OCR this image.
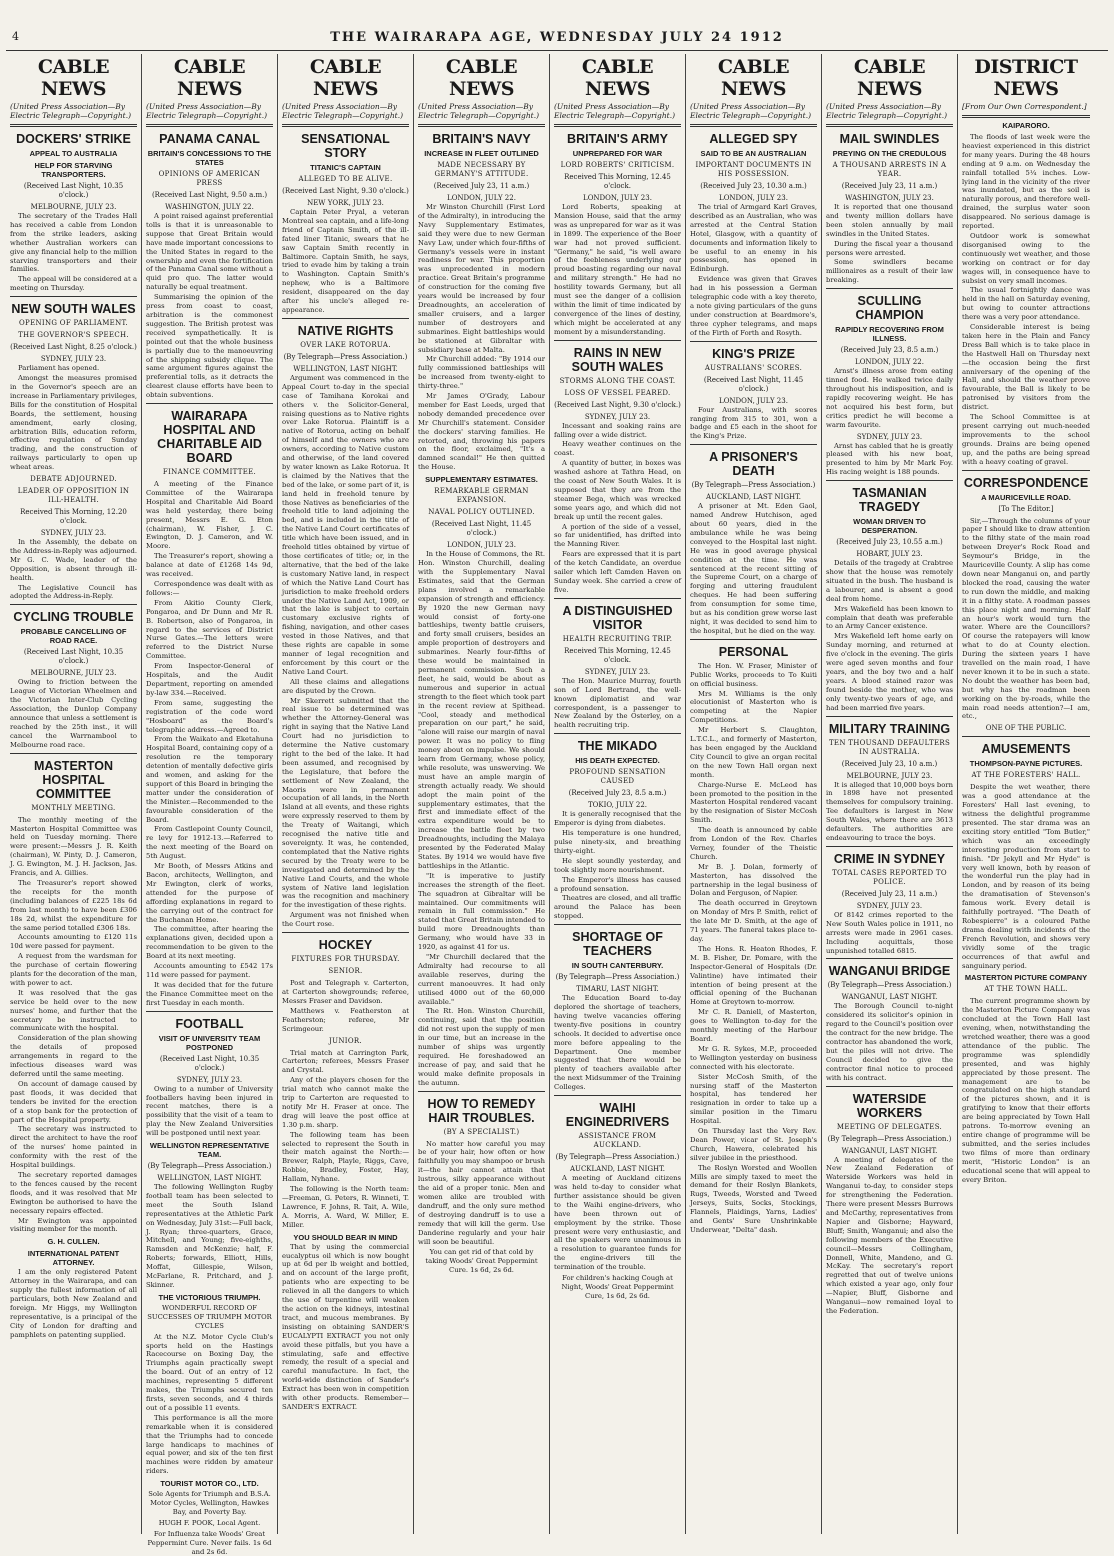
THE WAIRARAPA AGE, WEDNESDAY JULY 24 1912
4
CABLE NEWS
(United Press Association—By Electric Telegraph—Copyright.)
DOCKERS' STRIKE
APPEAL TO AUSTRALIA
HELP FOR STARVING TRANSPORTERS.
(Received Last Night, 10.35 o'clock.)
MELBOURNE, JULY 23.
The secretary of the Trades Hall has received a cable from London from the strike leaders, asking whether Australian workers can give any financial help to the million starving transporters and their families.
The appeal will be considered at a meeting on Thursday.
NEW SOUTH WALES
OPENING OF PARLIAMENT.
THE GOVERNOR'S SPEECH.
(Received Last Night, 8.25 o'clock.)
SYDNEY, JULY 23.
Parliament has opened.
Amongst the measures promised in the Governor's speech are an increase in Parliamentary privileges, Bills for the constitution of Hospital Boards, the settlement, housing amendment, early closing, arbitration Bills, education reform, effective regulation of Sunday trading, and the construction of railways particularly to open up wheat areas.
DEBATE ADJOURNED.
LEADER OF OPPOSITION IN ILL-HEALTH.
Received This Morning, 12.20 o'clock.
SYDNEY, JULY 23.
In the Assembly, the debate on the Address-in-Reply was adjourned. Mr G. C. Wade, leader of the Opposition, is absent through ill-health.
The Legislative Council has adopted the Address-in-Reply.
CYCLING TROUBLE
PROBABLE CANCELLING OF ROAD RACE.
(Received Last Night, 10.35 o'clock.)
MELBOURNE, JULY 23.
Owing to friction between the League of Victorian Wheelmen and the Victorian Inter-Club Cycling Association, the Dunlop Company announce that unless a settlement is reached by the 25th inst., it will cancel the Warrnambool to Melbourne road race.
MASTERTON HOSPITAL COMMITTEE
MONTHLY MEETING.
The monthly meeting of the Masterton Hospital Committee was held on Tuesday morning. There were present:—Messrs J. R. Keith (chairman), W. Pinty, D. J. Cameron, J. G. Ewington, M. J. H. Jackson, Jas. Francis, and A. Gillies.
The Treasurer's report showed the receipts for the month (including balances of £225 18s 6d from last month) to have been £306 18s 2d, whilst the expenditure for the same period totalled £306 18s.
Accounts amounting to £120 11s 10d were passed for payment.
A request from the wardsman for the purchase of certain flowering plants for the decoration of the man, with power to act.
It was resolved that the gas service be held over to the new nurses' home, and further that the secretary be instructed to communicate with the hospital.
Consideration of the plan showing the details of proposed arrangements in regard to the infectious diseases ward was deferred until the same meeting.
On account of damage caused by past floods, it was decided that tenders be invited for the erection of a stop bank for the protection of part of the Hospital property.
The secretary was instructed to direct the architect to have the roof of the nurses' home painted in conformity with the rest of the Hospital buildings.
The secretary reported damages to the fences caused by the recent floods, and it was resolved that Mr Ewington be authorised to have the necessary repairs effected.
Mr Ewington was appointed visiting member for the month.
G. H. CULLEN.
INTERNATIONAL PATENT ATTORNEY.
I am the only registered Patent Attorney in the Wairarapa, and can supply the fullest information of all particulars, both New Zealand and foreign. Mr Higgs, my Wellington representative, is a principal of the City of London for drafting and pamphlets on patenting supplied.
CABLE NEWS
(United Press Association—By Electric Telegraph—Copyright.)
PANAMA CANAL
BRITAIN'S CONCESSIONS TO THE STATES
OPINIONS OF AMERICAN PRESS
(Received Last Night, 9.50 a.m.)
WASHINGTON, JULY 22.
A point raised against preferential tolls is that it is unreasonable to suppose that Great Britain would have made important concessions to the United States in regard to the ownership and even the fortification of the Panama Canal some without a quid pro quo. The latter would naturally be equal treatment.
Summarising the opinion of the press from coast to coast, arbitration is the commonest suggestion. The British protest was received sympathetically. It is pointed out that the whole business is partially due to the manoeuvring of the shipping subsidy clique. The same argument figures against the preferential tolls, as it detracts the clearest clause efforts have been to obtain subventions.
WAIRARAPA HOSPITAL AND CHARITABLE AID BOARD
FINANCE COMMITTEE.
A meeting of the Finance Committee of the Wairarapa Hospital and Charitable Aid Board was held yesterday, there being present, Messrs E. G. Eton (chairman), W. Fisher, J. C. Ewington, D. J. Cameron, and W. Moore.
The Treasurer's report, showing a balance at date of £1268 14s 9d, was received.
Correspondence was dealt with as follows:—
From Akitio County Clerk, Pongaroa, and Dr Dunn and Mr R. B. Robertson, also of Pongaroa, in regard to the services of District Nurse Gates.—The letters were referred to the District Nurse Committee.
From Inspector-General of Hospitals, and the Audit Department, reporting on amended by-law 334.—Received.
From same, suggesting the registration of the code word "Hosboard" as the Board's telegraphic address.—Agreed to.
From the Waikato and Eketahuna Hospital Board, containing copy of a resolution re the temporary detention of mentally defective girls and women, and asking for the support of this Board in bringing the matter under the consideration of the Minister.—Recommended to the favourable consideration of the Board.
From Castlepoint County Council, re levy for 1912-13.—Referred to the next meeting of the Board on 5th August.
Mr Booth, of Messrs Atkins and Bacon, architects, Wellington, and Mr Ewington, clerk of works, attended for the purpose of affording explanations in regard to the carrying out of the contract for the Buchanan Home.
The committee, after hearing the explanations given, decided upon a recommendation to be given to the Board at its next meeting.
Accounts amounting to £542 17s 11d were passed for payment.
It was decided that for the future the Finance Committee meet on the first Tuesday in each month.
FOOTBALL
VISIT OF UNIVERSITY TEAM POSTPONED
(Received Last Night, 10.35 o'clock.)
SYDNEY, JULY 23.
Owing to a number of University footballers having been injured in recent matches, there is a possibility that the visit of a team to play the New Zealand Universities will be postponed until next year.
WELLINGTON REPRESENTATIVE TEAM.
(By Telegraph—Press Association.)
WELLINGTON, LAST NIGHT.
The following Wellington Rugby football team has been selected to meet the South Island representatives at the Athletic Park on Wednesday, July 31st:—Full back, J. Ryan; three-quarters, Grace, Mitchell, and Young; five-eighths, Ramsden and McKenzie; half, F. Roberts; forwards, Elliott, Hills, Moffat, Gillespie, Wilson, McFarlane, R. Pritchard, and J. Skinner.
THE VICTORIOUS TRIUMPH.
WONDERFUL RECORD OF SUCCESSES OF TRIUMPH MOTOR CYCLES
At the N.Z. Motor Cycle Club's sports held on the Hastings Racecourse on Boxing Day, the Triumphs again practically swept the board. Out of an entry of 12 machines, representing 5 different makes, the Triumphs secured ten firsts, seven seconds, and 4 thirds out of a possible 11 events.
This performance is all the more remarkable when it is considered that the Triumphs had to concede large handicaps to machines of equal power, and six of the ten first machines were ridden by amateur riders.
TOURIST MOTOR CO., LTD.
Sole Agents for Triumph and B.S.A. Motor Cycles, Wellington, Hawkes Bay, and Poverty Bay.
HUGH F. POOK, Local Agent.
For Influenza take Woods' Great Peppermint Cure. Never fails. 1s 6d and 2s 6d.
CABLE NEWS
(United Press Association—By Electric Telegraph—Copyright.)
SENSATIONAL STORY
TITANIC'S CAPTAIN
ALLEGED TO BE ALIVE.
(Received Last Night, 9.30 o'clock.)
NEW YORK, JULY 23.
Captain Peter Pryal, a veteran Montreal sea captain, and a life-long friend of Captain Smith, of the ill-fated liner Titanic, swears that he saw Captain Smith recently in Baltimore. Captain Smith, he says, tried to evade him by taking a train to Washington. Captain Smith's nephew, who is a Baltimore resident, disappeared on the day after his uncle's alleged re-appearance.
NATIVE RIGHTS
OVER LAKE ROTORUA.
(By Telegraph—Press Association.)
WELLINGTON, LAST NIGHT.
Argument was commenced in the Appeal Court to-day in the special case of Tamihana Korokai and others v. the Solicitor-General, raising questions as to Native rights over Lake Rotorua. Plaintiff is a native of Rotorua, acting on behalf of himself and the owners who are owners, according to Native custom and otherwise, of the land covered by water known as Lake Rotorua. It is claimed by the Natives that the bed of the lake, or some part of it, is land held in freehold tenure by those Natives as beneficiaries of the freehold title to land adjoining the bed, and is included in the title of the Native Land Court certificates of title which have been issued, and in freehold titles obtained by virtue of those certificates of title; or, in the alternative, that the bed of the lake is customary Native land, in respect of which the Native Land Court has jurisdiction to make freehold orders under the Native Land Act, 1909, or that the lake is subject to certain customary exclusive rights of fishing, navigation, and other cases vested in those Natives, and that these rights are capable in some manner of legal recognition and enforcement by this court or the Native Land Court.
All these claims and allegations are disputed by the Crown.
Mr Skerrett submitted that the real issue to be determined was whether the Attorney-General was right in saying that the Native Land Court had no jurisdiction to determine the Native customary right to the bed of the lake. It had been assumed, and recognised by the Legislature, that before the settlement of New Zealand, the Maoris were in permanent occupation of all lands, in the North Island at all events, and these rights were expressly reserved to them by the Treaty of Waitangi, which recognised the native title and sovereignty. It was, he contended, contemplated that the Native rights secured by the Treaty were to be investigated and determined by the Native Land Courts, and the whole system of Native land legislation was the recognition and machinery for the investigation of these rights.
Argument was not finished when the Court rose.
HOCKEY
FIXTURES FOR THURSDAY.
SENIOR.
Post and Telegraph v. Carterton, at Carterton showgrounds; referee, Messrs Fraser and Davidson.
Matthews v. Featherston at Featherston; referee, Mr Scrimgeour.
JUNIOR.
Trial match at Carrington Park, Carterton; referees, Messrs Fraser and Crystal.
Any of the players chosen for the trial match who cannot make the trip to Carterton are requested to notify Mr H. Fraser at once. The drag will leave the post office at 1.30 p.m. sharp.
The following team has been selected to represent the South in their match against the North:—Brewer, Ralph, Playle, Riggs, Cave, Robbie, Bradley, Foster, Hay, Hallam, Nyhane.
The following is the North team:—Freeman, G. Peters, R. Winneti, T. Lawrence, F. Johns, R. Tait, A. Wile, A. Morris, A. Ward, W. Miller, E. Miller.
YOU SHOULD BEAR IN MIND
That by using the commercial eucalyptus oil which is now bought up at 6d per lb weight and bottled, and on account of the large profit, patients who are expecting to be relieved in all the dangers to which the use of turpentine will weaken the action on the kidneys, intestinal tract, and mucous membranes. By insisting on obtaining SANDER'S EUCALYPTI EXTRACT you not only avoid these pitfalls, but you have a stimulating, safe and effective remedy, the result of a special and careful manufacture. In fact, the world-wide distinction of Sander's Extract has been won in competition with other products. Remember—SANDER'S EXTRACT.
CABLE NEWS
(United Press Association—By Electric Telegraph—Copyright.)
BRITAIN'S NAVY
INCREASE IN FLEET OUTLINED
MADE NECESSARY BY GERMANY'S ATTITUDE.
(Received July 23, 11 a.m.)
LONDON, JULY 22.
Mr Winston Churchill (First Lord of the Admiralty), in introducing the Navy Supplementary Estimates, said they were due to new German Navy Law, under which four-fifths of Germany's vessels were in instant readiness for war. This proportion was unprecedented in modern practice. Great Britain's programme of construction for the coming five years would be increased by four Dreadnoughts, an acceleration of smaller cruisers, and a larger number of destroyers and submarines. Eight battleships would be stationed at Gibraltar with subsidiary base at Malta.
Mr Churchill added: "By 1914 our fully commissioned battleships will be increased from twenty-eight to thirty-three."
Mr James O'Grady, Labour member for East Leeds, urged that nobody demanded precedence over Mr Churchill's statement. Consider the dockers' starving families. He retorted, and, throwing his papers on the floor, exclaimed, "It's a damned scandal!" He then quitted the House.
SUPPLEMENTARY ESTIMATES.
REMARKABLE GERMAN EXPANSION.
NAVAL POLICY OUTLINED.
(Received Last Night, 11.45 o'clock.)
LONDON, JULY 23.
In the House of Commons, the Rt. Hon. Winston Churchill, dealing with the Supplementary Naval Estimates, said that the German plans involved a remarkable expansion of strength and efficiency. By 1920 the new German navy would consist of forty-one battleships, twenty battle cruisers, and forty small cruisers, besides an ample proportion of destroyers and submarines. Nearly four-fifths of these would be maintained in permanent commission. Such a fleet, he said, would be about as numerous and superior in actual strength to the fleet which took part in the recent review at Spithead. "Cool, steady and methodical preparation on our part," he said, "alone will raise our margin of naval power. It was no policy to fling money about on impulse. We should learn from Germany, whose policy, while resolute, was unswerving. We must have an ample margin of strength actually ready. We should adopt the main point of the supplementary estimates, that the first and immediate effect of the extra expenditure would be to increase the battle fleet by two Dreadnoughts, including the Malaya presented by the Federated Malay States. By 1914 we would have five battleships in the Atlantic.
"It is imperative to justify increases the strength of the fleet. The squadron at Gibraltar will be maintained. Our commitments will remain in full commission." He stated that Great Britain intended to build more Dreadnoughts than Germany, who would have 33 in 1920, as against 41 for us.
"Mr Churchill declared that the Admiralty had recourse to all available reserves, during the current manoeuvres. It had only utilised 4000 out of the 60,000 available."
The Rt. Hon. Winston Churchill, continuing, said that the position did not rest upon the supply of men in our time, but an increase in the number of ships was urgently required. He foreshadowed an increase of pay, and said that he would make definite proposals in the autumn.
HOW TO REMEDY HAIR TROUBLES.
(BY A SPECIALIST.)
No matter how careful you may be of your hair, how often or how faithfully you may shampoo or brush it—the hair cannot attain that lustrous, silky appearance without the aid of a proper tonic. Men and women alike are troubled with dandruff, and the only sure method of destroying dandruff is to use a remedy that will kill the germ. Use Danderine regularly and your hair will soon be beautiful.
You can get rid of that cold by taking Woods' Great Peppermint Cure. 1s 6d, 2s 6d.
CABLE NEWS
(United Press Association—By Electric Telegraph—Copyright.)
BRITAIN'S ARMY
UNPREPARED FOR WAR
LORD ROBERTS' CRITICISM.
Received This Morning, 12.45 o'clock.
LONDON, JULY 23.
Lord Roberts, speaking at Mansion House, said that the army was as unprepared for war as it was in 1899. The experience of the Boer war had not proved sufficient. "Germany," he said, "is well aware of the feebleness underlying our proud boasting regarding our naval and military strength." He had no hostility towards Germany, but all must see the danger of a collision within the limit of time indicated by convergence of the lines of destiny, which might be accelerated at any moment by a misunderstanding.
RAINS IN NEW SOUTH WALES
STORMS ALONG THE COAST.
LOSS OF VESSEL FEARED.
(Received Last Night, 9.30 o'clock.)
SYDNEY, JULY 23.
Incessant and soaking rains are falling over a wide district.
Heavy weather continues on the coast.
A quantity of butter, in boxes was washed ashore at Tathra Head, on the coast of New South Wales. It is supposed that they are from the steamer Bega, which was wrecked some years ago, and which did not break up until the recent gales.
A portion of the side of a vessel, so far unidentified, has drifted into the Manning River.
Fears are expressed that it is part of the ketch Candidate, an overdue sailer which left Camden Haven on Sunday week. She carried a crew of five.
A DISTINGUISHED VISITOR
HEALTH RECRUITING TRIP.
Received This Morning, 12.45 o'clock.
SYDNEY, JULY 23.
The Hon. Maurice Murray, fourth son of Lord Bertrand, the well-known diplomatist and war correspondent, is a passenger to New Zealand by the Osterley, on a health recruiting trip.
THE MIKADO
HIS DEATH EXPECTED.
PROFOUND SENSATION CAUSED
(Received July 23, 8.5 a.m.)
TOKIO, JULY 22.
It is generally recognised that the Emperor is dying from diabetes.
His temperature is one hundred, pulse ninety-six, and breathing thirty-eight.
He slept soundly yesterday, and took slightly more nourishment.
The Emperor's illness has caused a profound sensation.
Theatres are closed, and all traffic around the Palace has been stopped.
SHORTAGE OF TEACHERS
IN SOUTH CANTERBURY.
(By Telegraph—Press Association.)
TIMARU, LAST NIGHT.
The Education Board to-day deplored the shortage of teachers, having twelve vacancies offering twenty-five positions in country schools. It decided to advertise once more before appealing to the Department. One member suggested that there would be plenty of teachers available after the next Midsummer of the Training Colleges.
WAIHI ENGINEDRIVERS
ASSISTANCE FROM AUCKLAND.
(By Telegraph—Press Association.)
AUCKLAND, LAST NIGHT.
A meeting of Auckland citizens was held to-day to consider what further assistance should be given to the Waihi engine-drivers, who have been thrown out of employment by the strike. Those present were very enthusiastic, and all the speakers were unanimous in a resolution to guarantee funds for the engine-drivers till the termination of the trouble.
For children's hacking Cough at Night, Woods' Great Peppermint Cure, 1s 6d, 2s 6d.
CABLE NEWS
(United Press Association—By Electric Telegraph—Copyright.)
ALLEGED SPY
SAID TO BE AN AUSTRALIAN
IMPORTANT DOCUMENTS IN HIS POSSESSION.
(Received July 23, 10.30 a.m.)
LONDON, JULY 23.
The trial of Armgard Karl Graves, described as an Australian, who was arrested at the Central Station Hotel, Glasgow, with a quantity of documents and information likely to be useful to an enemy in his possession, has opened in Edinburgh.
Evidence was given that Graves had in his possession a German telegraphic code with a key thereto, a note giving particulars of the guns under construction at Beardmore's, three cypher telegrams, and maps of the Firth of Forth and Rosyth.
KING'S PRIZE
AUSTRALIANS' SCORES.
(Received Last Night, 11.45 o'clock.)
LONDON, JULY 23.
Four Australians, with scores ranging from 315 to 301, won a badge and £5 each in the shoot for the King's Prize.
A PRISONER'S DEATH
(By Telegraph—Press Association.)
AUCKLAND, LAST NIGHT.
A prisoner at Mt. Eden Gaol, named Andrew Hutchison, aged about 60 years, died in the ambulance while he was being conveyed to the Hospital last night. He was in good average physical condition at the time. He was sentenced at the recent sitting of the Supreme Court, on a charge of forging and uttering fraudulent cheques. He had been suffering from consumption for some time, but as his condition grew worse last night, it was decided to send him to the hospital, but he died on the way.
PERSONAL
The Hon. W. Fraser, Minister of Public Works, proceeds to To Kuiti on official business.
Mrs M. Williams is the only elocutionist of Masterton who is competing at the Napier Competitions.
Mr Herbert S. Claughton, L.T.C.L., and formerly of Masterton, has been engaged by the Auckland City Council to give an organ recital on the new Town Hall organ next month.
Charge-Nurse E. McLeod has been promoted to the position in the Masterton Hospital rendered vacant by the resignation of Sister McCosh Smith.
The death is announced by cable from London of the Rev. Charles Verney, founder of the Theistic Church.
Mr B. J. Dolan, formerly of Masterton, has dissolved the partnership in the legal business of Dolan and Ferguson, of Napier.
The death occurred in Greytown on Monday of Mrs P. Smith, relict of the late Mr D. Smith, at the age of 71 years. The funeral takes place to-day.
The Hons. R. Heaton Rhodes, F. M. B. Fisher, Dr. Pomare, with the Inspector-General of Hospitals (Dr. Valintine) have intimated their intention of being present at the official opening of the Buchanan Home at Greytown to-morrow.
Mr C. R. Daniell, of Masterton, goes to Wellington to-day for the monthly meeting of the Harbour Board.
Mr G. R. Sykes, M.P., proceeded to Wellington yesterday on business connected with his electorate.
Sister McCosh Smith, of the nursing staff of the Masterton hospital, has tendered her resignation in order to take up a similar position in the Timaru Hospital.
On Thursday last the Very Rev. Dean Power, vicar of St. Joseph's Church, Hawera, celebrated his silver jubilee in the priesthood.
The Roslyn Worsted and Woollen Mills are simply taxed to meet the demand for their Roslyn Blankets, Rugs, Tweeds, Worsted and Tweed Jerseys, Suits, Socks, Stockings, Flannels, Plaidings, Yarns, Ladies' and Gents' Sure Unshrinkable Underwear, "Delta" dash.
CABLE NEWS
(United Press Association—By Electric Telegraph—Copyright.)
MAIL SWINDLES
PREYING ON THE CREDULOUS
A THOUSAND ARRESTS IN A YEAR.
(Received July 23, 11 a.m.)
WASHINGTON, JULY 23.
It is reported that one thousand and twenty million dollars have been stolen annually by mail swindles in the United States.
During the fiscal year a thousand persons were arrested.
Some swindlers became millionaires as a result of their law breaking.
SCULLING CHAMPION
RAPIDLY RECOVERING FROM ILLNESS.
(Received July 23, 8.5 a.m.)
LONDON, JULY 22.
Arnst's illness arose from eating tinned food. He walked twice daily throughout his indisposition, and is rapidly recovering weight. He has not acquired his best form, but critics predict he will become a warm favourite.
SYDNEY, JULY 23.
Arnst has cabled that he is greatly pleased with his new boat, presented to him by Mr Mark Foy. His racing weight is 188 pounds.
TASMANIAN TRAGEDY
WOMAN DRIVEN TO DESPERATION.
(Received July 23, 10.55 a.m.)
HOBART, JULY 23.
Details of the tragedy at Crabtree show that the house was remotely situated in the bush. The husband is a labourer, and is absent a good deal from home.
Mrs Wakefield has been known to complain that death was preferable to an Army Cancer existence.
Mrs Wakefield left home early on Sunday morning, and returned at five o'clock in the evening. The girls were aged seven months and four years, and the boy two and a half years. A blood stained razor was found beside the mother, who was only twenty-two years of age, and had been married five years.
MILITARY TRAINING
TEN THOUSAND DEFAULTERS IN AUSTRALIA.
(Received July 23, 10 a.m.)
MELBOURNE, JULY 23.
It is alleged that 10,000 boys born in 1898 have not presented themselves for compulsory training. Tee defaulters is largest in New South Wales, where there are 3613 defaulters. The authorities are endeavouring to trace the boys.
CRIME IN SYDNEY
TOTAL CASES REPORTED TO POLICE.
(Received July 23, 11 a.m.)
SYDNEY, JULY 23.
Of 8142 crimes reported to the New South Wales police in 1911, no arrests were made in 2961 cases. Including acquittals, those unpunished totalled 6815.
WANGANUI BRIDGE
(By Telegraph—Press Association.)
WANGANUI, LAST NIGHT.
The Borough Council to-night considered its solicitor's opinion in regard to the Council's position over the contract for the new bridge. The contractor has abandoned the work, but the piles will not drive. The Council decided to give the contractor final notice to proceed with his contract.
WATERSIDE WORKERS
MEETING OF DELEGATES.
(By Telegraph—Press Association.)
WANGANUI, LAST NIGHT.
A meeting of delegates of the New Zealand Federation of Waterside Workers was held in Wanganui to-day, to consider steps for strengthening the Federation. There were present Messrs Burrows and McCarthy, representatives from Napier and Gisborne; Hayward, Bluff; Smith, Wanganui; and also the following members of the Executive council—Messrs Collingham, Donnell, White, Mandeno, and G. McKay. The secretary's report regretted that out of twelve unions which existed a year ago, only four—Napier, Bluff, Gisborne and Wanganui—now remained loyal to the Federation.
DISTRICT NEWS
[From Our Own Correspondent.]
KAIPARORO.
The floods of last week were the heaviest experienced in this district for many years. During the 48 hours ending at 9 a.m. on Wednesday the rainfall totalled 5¼ inches. Low-lying land in the vicinity of the river was inundated, but as the soil is naturally porous, and therefore well-drained, the surplus water soon disappeared. No serious damage is reported.
Outdoor work is somewhat disorganised owing to the continuously wet weather, and those working on contract or for day wages will, in consequence have to subsist on very small incomes.
The usual fortnightly dance was held in the hall on Saturday evening, but owing to counter attractions there was a very poor attendance.
Considerable interest is being taken here in the Plain and Fancy Dress Ball which is to take place in the Hastwell Hall on Thursday next—the occasion being the first anniversary of the opening of the Hall, and should the weather prove favourable, the Ball is likely to be patronised by visitors from the district.
The School Committee is at present carrying out much-needed improvements to the school grounds. Drains are being opened up, and the paths are being spread with a heavy coating of gravel.
CORRESPONDENCE
A MAURICEVILLE ROAD.
[To The Editor.]
Sir,—Through the columns of your paper I should like to draw attention to the filthy state of the main road between Dreyer's Rock Road and Seymour's Bridge, in the Mauriceville County. A slip has come down near Manganui on, and partly blocked the road, causing the water to run down the middle, and making it in a filthy state. A roadman passes this place night and morning. Half an hour's work would turn the water. Where are the Councillors? Of course the ratepayers will know what to do at County election. During the sixteen years I have travelled on the main road, I have never known it to be in such a state. No doubt the weather has been bad, but why has the roadman been working on the by-roads, while the main road needs attention?—I am, etc.,
ONE OF THE PUBLIC.
AMUSEMENTS
THOMPSON-PAYNE PICTURES.
AT THE FORESTERS' HALL.
Despite the wet weather, there was a good attendance at the Foresters' Hall last evening, to witness the delightful programme presented. The star drama was an exciting story entitled "Tom Butler," which was an exceedingly interesting production from start to finish. "Dr Jekyll and Mr Hyde" is very well known, both by reason of the wonderful run the play had in London, and by reason of its being the dramatisation of Stevenson's famous work. Every detail is faithfully portrayed. "The Death of Robespierre" is a coloured Pathe drama dealing with incidents of the French Revolution, and shows very vividly some of the tragic occurrences of that awful and sanguinary period.
MASTERTON PICTURE COMPANY
AT THE TOWN HALL.
The current programme shown by the Masterton Picture Company was concluded at the Town Hall last evening, when, notwithstanding the wretched weather, there was a good attendance of the public. The programme was splendidly presented, and was highly appreciated by those present. The management are to be congratulated on the high standard of the pictures shown, and it is gratifying to know that their efforts are being appreciated by Town Hall patrons. To-morrow evening an entire change of programme will be submitted, and the series includes two films of more than ordinary merit, "Historic London" is an educational scene that will appeal to every Briton.
